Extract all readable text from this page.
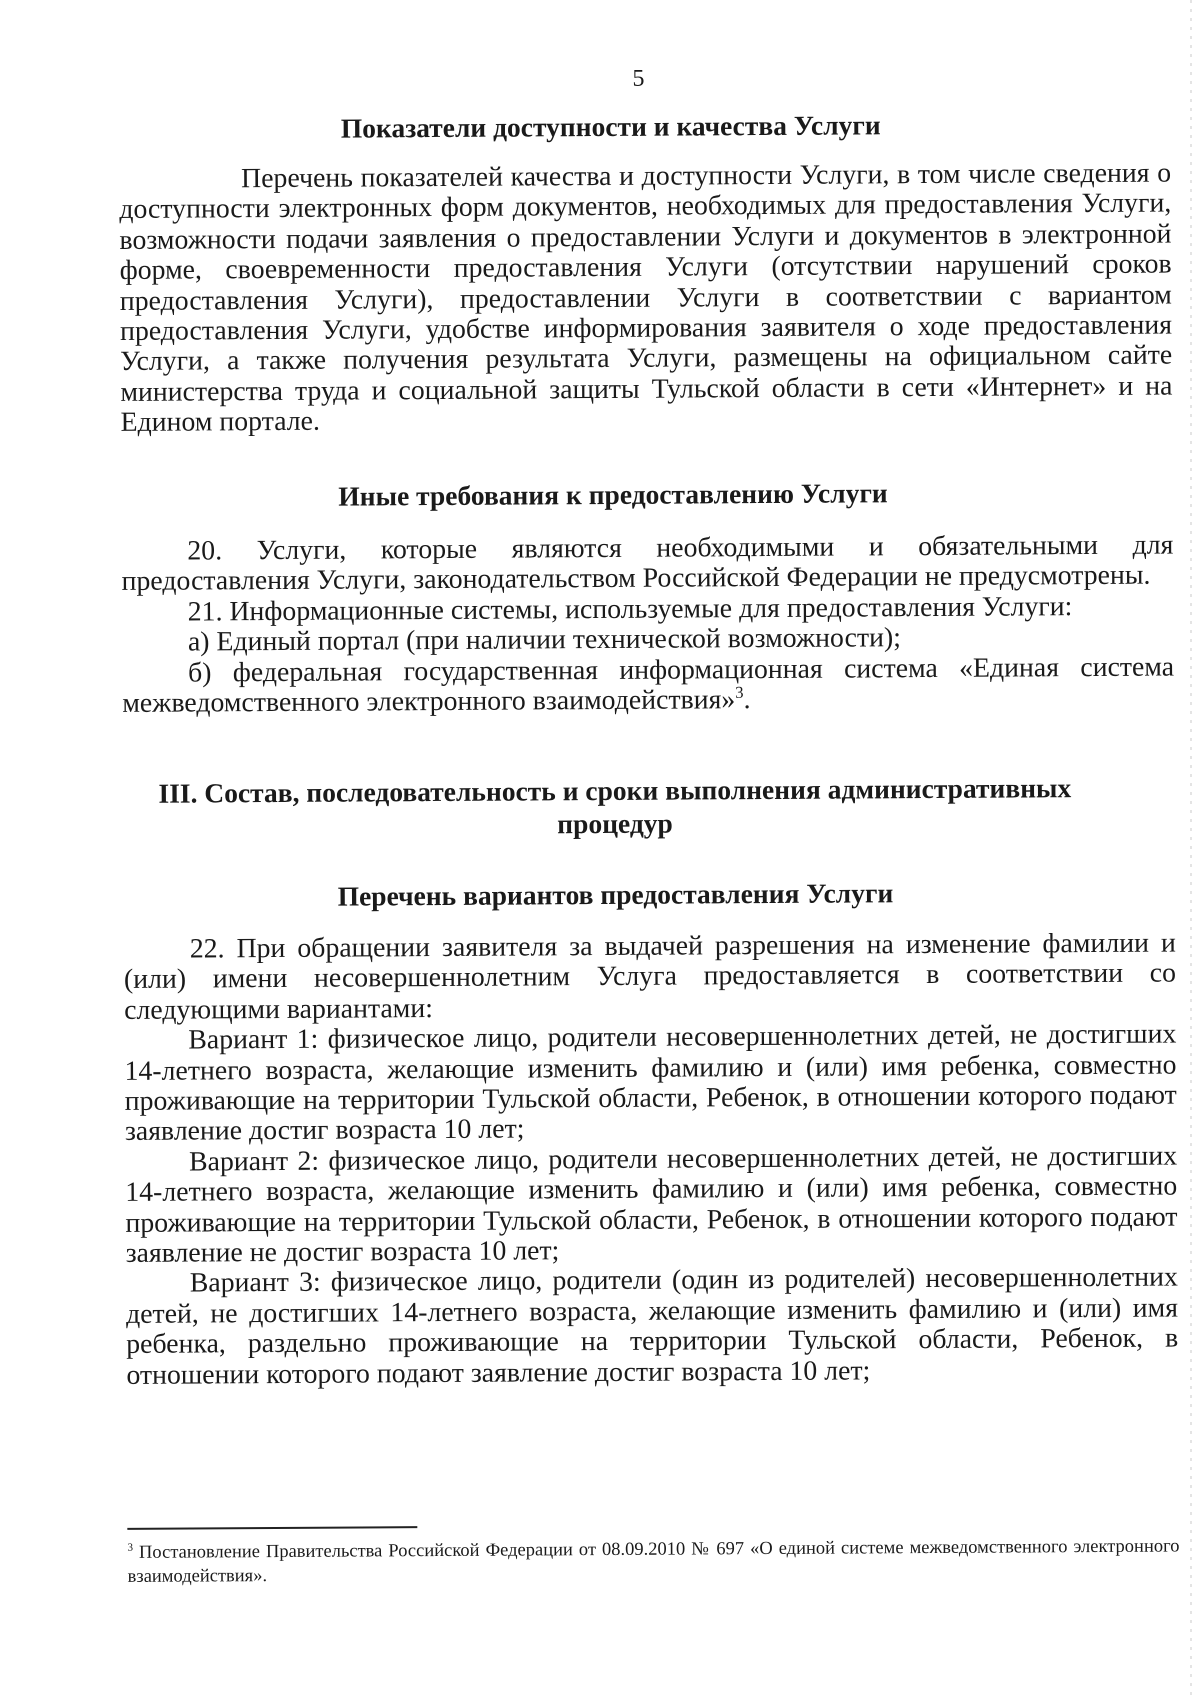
5
Показатели доступности и качества Услуги

Перечень показателей качества и доступности Услуги, в том числе сведения о доступности электронных форм документов, необходимых для предоставления Услуги, возможности подачи заявления о предоставлении Услуги и документов в электронной форме, своевременности предоставления Услуги (отсутствии нарушений сроков предоставления Услуги), предоставлении Услуги в соответствии с вариантом предоставления Услуги, удобстве информирования заявителя о ходе предоставления Услуги, а также получения результата Услуги, размещены на официальном сайте министерства труда и социальной защиты Тульской области в сети «Интернет» и на Едином портале.

Иные требования к предоставлению Услуги

20. Услуги, которые являются необходимыми и обязательными для предоставления Услуги, законодательством Российской Федерации не предусмотрены.

21. Информационные системы, используемые для предоставления Услуги:

а) Единый портал (при наличии технической возможности);

б) федеральная государственная информационная система «Единая система межведомственного электронного взаимодействия»$^3$.

III. Состав, последовательность и сроки выполнения административных
процедур
Перечень вариантов предоставления Услуги

22. При обращении заявителя за выдачей разрешения на изменение фамилии и (или) имени несовершеннолетним Услуга предоставляется в соответствии со следующими вариантами:

Вариант 1: физическое лицо, родители несовершеннолетних детей, не достигших 14-летнего возраста, желающие изменить фамилию и (или) имя ребенка, совместно проживающие на территории Тульской области, Ребенок, в отношении которого подают заявление достиг возраста 10 лет;

Вариант 2: физическое лицо, родители несовершеннолетних детей, не достигших 14-летнего возраста, желающие изменить фамилию и (или) имя ребенка, совместно проживающие на территории Тульской области, Ребенок, в отношении которого подают заявление не достиг возраста 10 лет;

Вариант 3: физическое лицо, родители (один из родителей) несовершеннолетних детей, не достигших 14-летнего возраста, желающие изменить фамилию и (или) имя ребенка, раздельно проживающие на территории Тульской области, Ребенок, в отношении которого подают заявление достиг возраста 10 лет;

$^3$ Постановление Правительства Российской Федерации от 08.09.2010 № 697 «О единой системе межведомственного электронного взаимодействия».
